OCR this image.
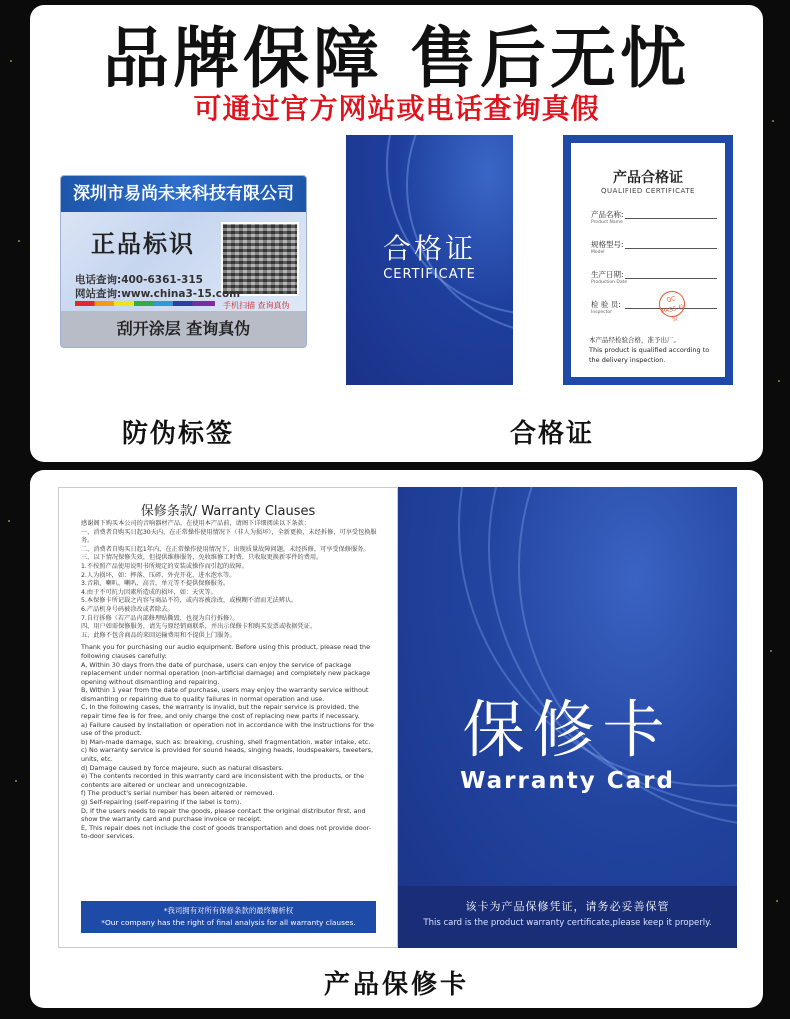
品牌保障 售后无忧
可通过官方网站或电话查询真假
深圳市易尚未来科技有限公司
正品标识
电话查询:400-6361-315
网站查询:www.china3-15.com
手机扫描 查询真伪
刮开涂层 查询真伪
防伪标签
合格证
CERTIFICATE
合格证
产品合格证
QUALIFIED CERTIFICATE
产品名称:
Product Name
规格型号:
Model
生产日期:
Production Date
检 验 员:
Inspector
QC PASS 检验
本产品经检验合格，准予出厂。
This product is qualified according to the delivery inspection.
保修条款/ Warranty Clauses
感谢阁下购买本公司的音响器材产品，在使用本产品前，请阁下详细阅读以下条款：
一、消费者自购买日起30天内，在正常操作使用情况下（非人为损坏），全新更换，未经拆修，可享受包换服务。
二、消费者自购买日起1年内，在正常操作使用情况下，出现质量故障问题，未经拆修，可享受保修服务。
三、以下情况保修失效，但提供维修服务，免收维修工时费，只收取更换新零件的费用。
1.不按照产品使用说明书所规定的安装或操作而引起的故障。
2.人为损坏，如：摔落、压碎、外壳开花、进水泡水等。
3.音箱、喇叭、喇叭、高音，单元等不提供保修服务。
4.由于不可抗力因素所造成的损坏，如：天灾等。
5.本保修卡所记载之内容与商品不符，或内容被涂改，或模糊不清而无法辨认。
6.产品机身号码被涂改或者除去。
7.自行拆修（若产品内部修理贴撕毁，也视为自行拆修）。
四、用户如需保修服务，请先与原经销商联系，并出示保修卡和购买发票或收据凭证。
五、此修不包含商品的来回运输费用和不提供上门服务。
Thank you for purchasing our audio equipment. Before using this product, please read the following clauses carefully:
A, Within 30 days from the date of purchase, users can enjoy the service of package replacement under normal operation (non-artificial damage) and completely new package opening without dismantling and repairing.
B, Within 1 year from the date of purchase, users may enjoy the warranty service without dismantling or repairing due to quality failures in normal operation and use.
C, In the following cases, the warranty is invalid, but the repair service is provided, the repair time fee is for free, and only charge the cost of replacing new parts if necessary.
a) Failure caused by installation or operation not in accordance with the instructions for the use of the product.
b) Man-made damage, such as: breaking, crushing, shell fragmentation, water intake, etc.
c) No warranty service is provided for sound heads, singing heads, loudspeakers, tweeters, units, etc.
d) Damage caused by force majeure, such as natural disasters.
e) The contents recorded in this warranty card are inconsistent with the products, or the contents are altered or unclear and unrecognizable.
f) The product's serial number has been altered or removed.
g) Self-repairing (self-repairing if the label is torn).
D, If the users needs to repair the goods, please contact the original distributor first, and show the warranty card and purchase invoice or receipt.
E, This repair does not include the cost of goods transportation and does not provide door-to-door services.
*我司拥有对所有保修条款的最终解析权
*Our company has the right of final analysis for all warranty clauses.
保修卡
Warranty Card
该卡为产品保修凭证，请务必妥善保管
This card is the product warranty certificate,please keep it properly.
产品保修卡
